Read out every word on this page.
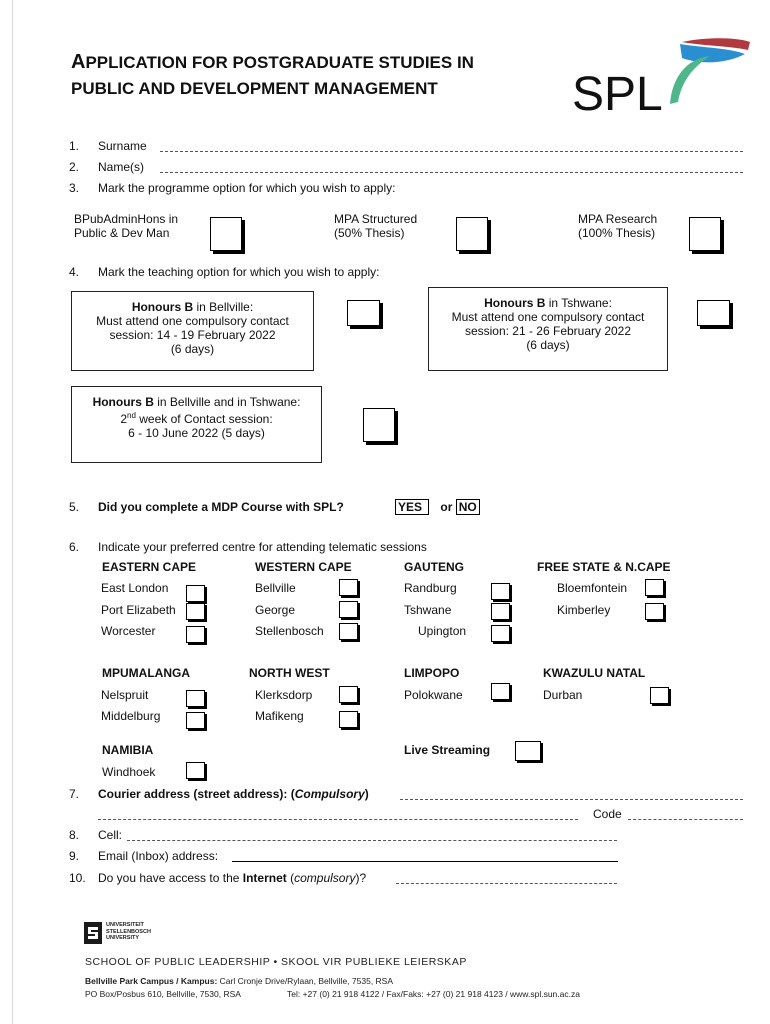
APPLICATION FOR POSTGRADUATE STUDIES IN
PUBLIC AND DEVELOPMENT MANAGEMENT	SPL
1. Surname
2. Name(s)
3. Mark the programme option for which you wish to apply:
BPubAdminHons in
Public & Dev Man
MPA Structured
(50% Thesis)
MPA Research
(100% Thesis)
4. Mark the teaching option for which you wish to apply:
Honours B in Bellville:
Must attend one compulsory contact
session: 14 - 19 February 2022
(6 days)
Honours B in Tshwane:
Must attend one compulsory contact
session: 21 - 26 February 2022
(6 days)
Honours B in Bellville and in Tshwane:
2nd week of Contact session:
6 - 10 June 2022 (5 days)
5. Did you complete a MDP Course with SPL?	YES or NO
6. Indicate your preferred centre for attending telematic sessions
EASTERN CAPE
East London
Port Elizabeth
Worcester
WESTERN CAPE
Bellville
George
Stellenbosch
GAUTENG
Randburg
Tshwane
Upington
FREE STATE & N.CAPE
Bloemfontein
Kimberley
MPUMALANGA
Nelspruit
Middelburg
NORTH WEST
Klerksdorp
Mafikeng
LIMPOPO
Polokwane
KWAZULU NATAL
Durban
NAMIBIA
Windhoek
Live Streaming
7. Courier address (street address): (Compulsory)
Code
8. Cell:
9. Email (Inbox) address:
10. Do you have access to the Internet (compulsory)?
UNIVERSITEIT
STELLENBOSCH
UNIVERSITY
SCHOOL OF PUBLIC LEADERSHIP • SKOOL VIR PUBLIEKE LEIERSKAP
Bellville Park Campus / Kampus: Carl Cronje Drive/Rylaan, Bellville, 7535, RSA
PO Box/Posbus 610, Bellville, 7530, RSA	Tel: +27 (0) 21 918 4122 / Fax/Faks: +27 (0) 21 918 4123 / www.spl.sun.ac.za
